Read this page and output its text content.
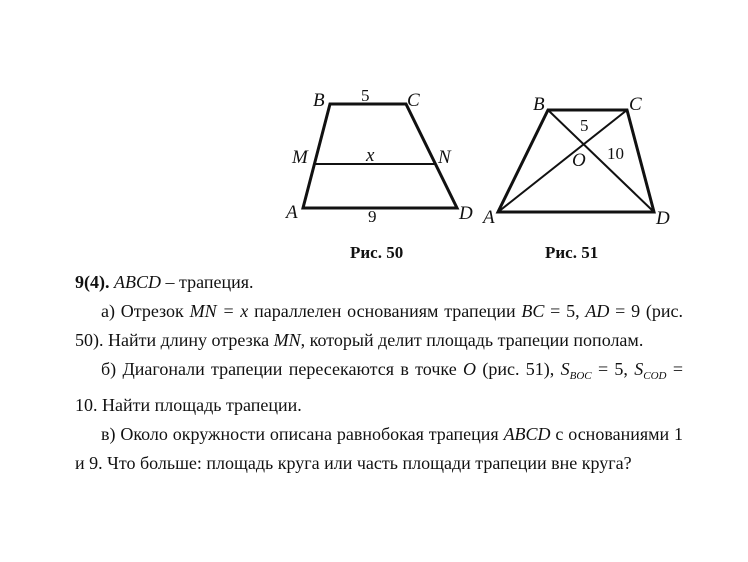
B 5 C
M	x	N
A	9	D
Рис. 50
B	C
5
O 10
A	D
Рис. 51

9(4). ABCD – трапеция.

а) Отрезок MN = x параллелен основаниям трапеции BC = 5, AD = 9 (рис. 50). Найти длину отрезка MN, который делит площадь трапеции пополам.

б) Диагонали трапеции пересекаются в точке O (рис. 51), $S_{BOC} = 5$, $S_{COD} = 10$. Найти площадь трапеции.

в) Около окружности описана равнобокая трапеция ABCD с основаниями 1 и 9. Что больше: площадь круга или часть площади трапеции вне круга?
